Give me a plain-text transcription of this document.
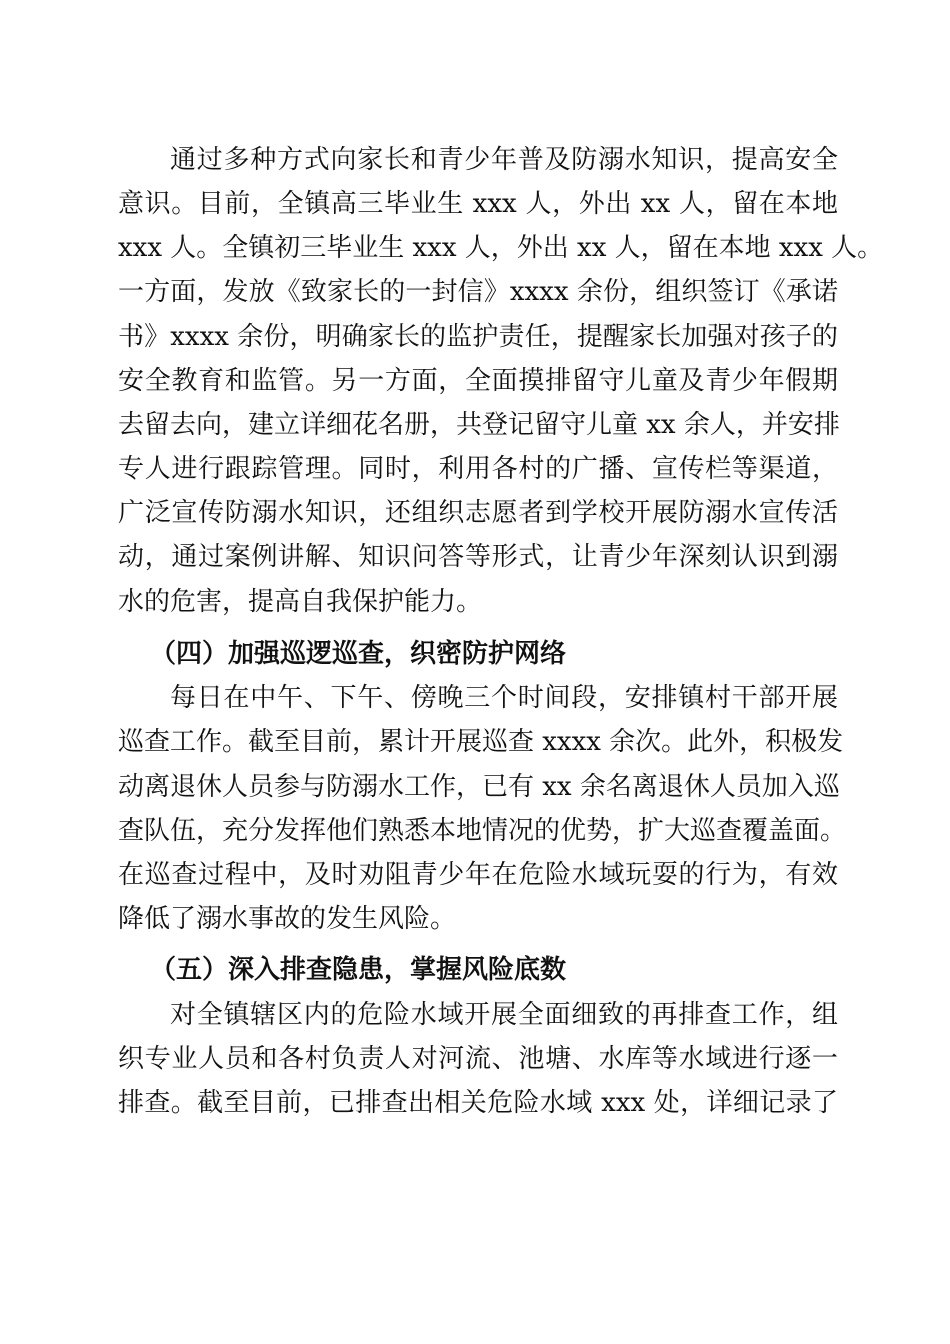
通过多种方式向家长和青少年普及防溺水知识，提高安全
意识。目前，全镇高三毕业生 xxx 人，外出 xx 人，留在本地
xxx 人。全镇初三毕业生 xxx 人，外出 xx 人，留在本地 xxx 人。
一方面，发放《致家长的一封信》xxxx 余份，组织签订《承诺
书》xxxx 余份，明确家长的监护责任，提醒家长加强对孩子的
安全教育和监管。另一方面，全面摸排留守儿童及青少年假期
去留去向，建立详细花名册，共登记留守儿童 xx 余人，并安排
专人进行跟踪管理。同时，利用各村的广播、宣传栏等渠道，
广泛宣传防溺水知识，还组织志愿者到学校开展防溺水宣传活
动，通过案例讲解、知识问答等形式，让青少年深刻认识到溺
水的危害，提高自我保护能力。
（四）加强巡逻巡查，织密防护网络
每日在中午、下午、傍晚三个时间段，安排镇村干部开展
巡查工作。截至目前，累计开展巡查 xxxx 余次。此外，积极发
动离退休人员参与防溺水工作，已有 xx 余名离退休人员加入巡
查队伍，充分发挥他们熟悉本地情况的优势，扩大巡查覆盖面。
在巡查过程中，及时劝阻青少年在危险水域玩耍的行为，有效
降低了溺水事故的发生风险。
（五）深入排查隐患，掌握风险底数
对全镇辖区内的危险水域开展全面细致的再排查工作，组
织专业人员和各村负责人对河流、池塘、水库等水域进行逐一
排查。截至目前，已排查出相关危险水域 xxx 处，详细记录了
